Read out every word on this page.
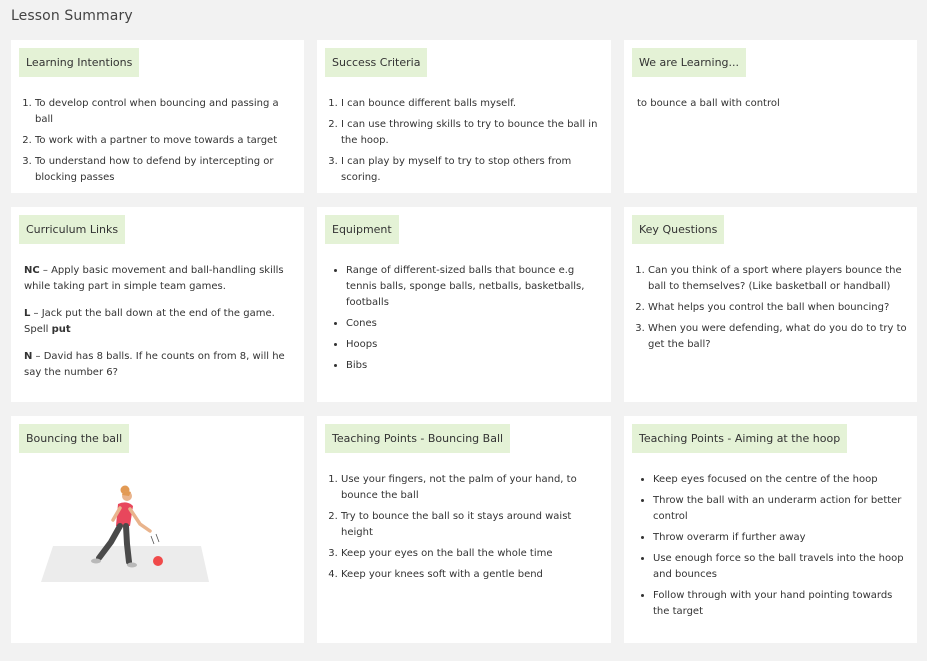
Lesson Summary
Learning Intentions
1. To develop control when bouncing and passing a ball
2. To work with a partner to move towards a target
3. To understand how to defend by intercepting or blocking passes
Success Criteria
1. I can bounce different balls myself.
2. I can use throwing skills to try to bounce the ball in the hoop.
3. I can play by myself to try to stop others from scoring.
We are Learning...
to bounce a ball with control
Curriculum Links

NC – Apply basic movement and ball-handling skills while taking part in simple team games.

L – Jack put the ball down at the end of the game. Spell put

N – David has 8 balls. If he counts on from 8, will he say the number 6?

Equipment
• Range of different-sized balls that bounce e.g tennis balls, sponge balls, netballs, basketballs, footballs
• Cones
• Hoops
• Bibs
Key Questions
1. Can you think of a sport where players bounce the ball to themselves? (Like basketball or handball)
2. What helps you control the ball when bouncing?
3. When you were defending, what do you do to try to get the ball?
Bouncing the ball	Teaching Points - Bouncing Ball
1. Use your fingers, not the palm of your hand, to bounce the ball
2. Try to bounce the ball so it stays around waist height
3. Keep your eyes on the ball the whole time
4. Keep your knees soft with a gentle bend
Teaching Points - Aiming at the hoop
• Keep eyes focused on the centre of the hoop
• Throw the ball with an underarm action for better control
• Throw overarm if further away
• Use enough force so the ball travels into the hoop and bounces
• Follow through with your hand pointing towards the target
